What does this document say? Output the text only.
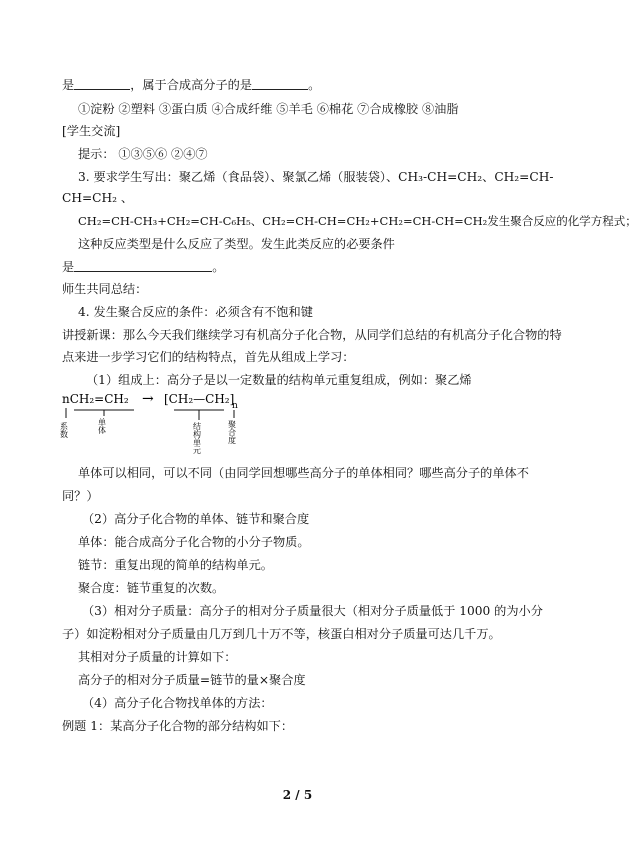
是	，属于合成高分子的是	。
①淀粉 ②塑料 ③蛋白质 ④合成纤维 ⑤羊毛 ⑥棉花 ⑦合成橡胶 ⑧油脂
[学生交流]
提示： ①③⑤⑥ ②④⑦
3. 要求学生写出：聚乙烯（食品袋）、聚氯乙烯（服装袋）、CH₃-CH=CH₂、CH₂=CH-
CH=CH₂ 、
CH₂=CH-CH₃+CH₂=CH-C₆H₅、CH₂=CH-CH=CH₂+CH₂=CH-CH=CH₂发生聚合反应的化学方程式；
这种反应类型是什么反应了类型。发生此类反应的必要条件
是	。
师生共同总结：
4. 发生聚合反应的条件：必须含有不饱和键
讲授新课：那么今天我们继续学习有机高分子化合物，从同学们总结的有机高分子化合物的特
点来进一步学习它们的结构特点，首先从组成上学习：
（1）组成上：高分子是以一定数量的结构单元重复组成，例如：聚乙烯
nCH₂=CH₂ → [CH₂—CH₂]
n
系数	单体	结构单元	聚合度
单体可以相同，可以不同（由同学回想哪些高分子的单体相同？哪些高分子的单体不
同？）
（2）高分子化合物的单体、链节和聚合度
单体：能合成高分子化合物的小分子物质。
链节：重复出现的简单的结构单元。
聚合度：链节重复的次数。
（3）相对分子质量：高分子的相对分子质量很大（相对分子质量低于 1000 的为小分
子）如淀粉相对分子质量由几万到几十万不等，核蛋白相对分子质量可达几千万。
其相对分子质量的计算如下：
高分子的相对分子质量=链节的量×聚合度
（4）高分子化合物找单体的方法：
例题 1：某高分子化合物的部分结构如下：
2 / 5
